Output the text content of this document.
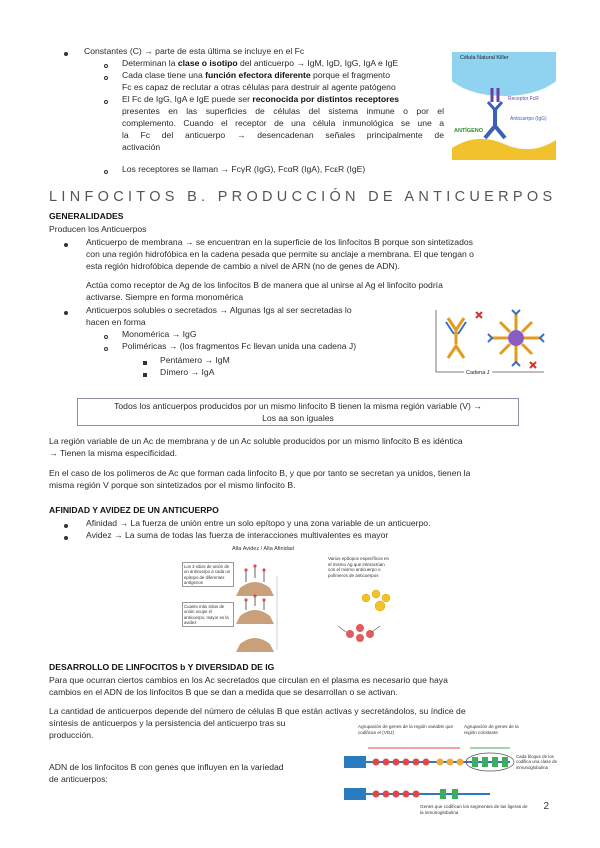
Constantes (C) → parte de esta última se incluye en el Fc
Determinan la clase o isotipo del anticuerpo → IgM, IgD, IgG, IgA e IgE
Cada clase tiene una función efectora diferente porque el fragmento
Fc es capaz de reclutar a otras células para destruir al agente patógeno
El Fc de IgG, IgA e IgE puede ser reconocida por distintos receptores
presentes en las superficies de células del sistema inmune o por el
complemento. Cuando el receptor de una célula inmunológica se une a
la Fc del anticuerpo → desencadenan señales principalmente de
activación
Los receptores se llaman → FcγR (IgG), FcαR (IgA), FcεR (IgE)
Célula Natural Killer
Receptor FcR
Anticuerpo (IgG)
ANTÍGENO
LINFOCITOS B. PRODUCCIÓN DE ANTICUERPOS
GENERALIDADES
Producen los Anticuerpos
Anticuerpo de membrana → se encuentran en la superficie de los linfocitos B porque son sintetizados
con una región hidrofóbica en la cadena pesada que permite su anclaje a membrana. El que tengan o
esta región hidrofóbica depende de cambio a nivel de ARN (no de genes de ADN).
Actúa como receptor de Ag de los linfocitos B de manera que al unirse al Ag el linfocito podría
activarse. Siempre en forma monomérica
Anticuerpos solubles o secretados → Algunas Igs al ser secretadas lo
hacen en forma
Monomérica → IgG
Poliméricas → (los fragmentos Fc llevan unida una cadena J)
Pentámero → IgM
Dímero → IgA	Cadena J
Todos los anticuerpos producidos por un mismo linfocito B tienen la misma región variable (V) →
Los aa son iguales
La región variable de un Ac de membrana y de un Ac soluble producidos por un mismo linfocito B es idéntica
→ Tienen la misma especificidad.
En el caso de los polímeros de Ac que forman cada linfocito B, y que por tanto se secretan ya unidos, tienen la
misma región V porque son sintetizados por el mismo linfocito B.
AFINIDAD Y AVIDEZ DE UN ANTICUERPO
Afinidad → La fuerza de unión entre un solo epítopo y una zona variable de un anticuerpo.
Avidez → La suma de todas las fuerza de interacciones multivalentes es mayor
Alta Avidez / Alta Afinidad
Los 3 sitios de unión de un anticuerpo a cada un epítopo de diferentes antígenos
Cuanto más sitios de unión ocupe el anticuerpo, mayor es la avidez
Varios epítopos específicos en el mismo Ag que interactúan con el mismo anticuerpo o polímeros de anticuerpos
DESARROLLO DE LINFOCITOS b Y DIVERSIDAD DE IG
Para que ocurran ciertos cambios en los Ac secretados que circulan en el plasma es necesario que haya
cambios en el ADN de los linfocitos B que se dan a medida que se desarrollan o se activan.
La cantidad de anticuerpos depende del número de células B que están activas y secretándolos, su índice de
síntesis de anticuerpos y la persistencia del anticuerpo tras su
producción.
ADN de los linfocitos B con genes que influyen en la variedad
de anticuerpos:
Agrupación de genes de la región variable que codifican el (VDJ)
Agrupación de genes de la región constante
Cada bloque de los codifica una clase de inmunoglobulina
Genes que codifican los segmentos de las ligeras de la inmunoglobulina	2
